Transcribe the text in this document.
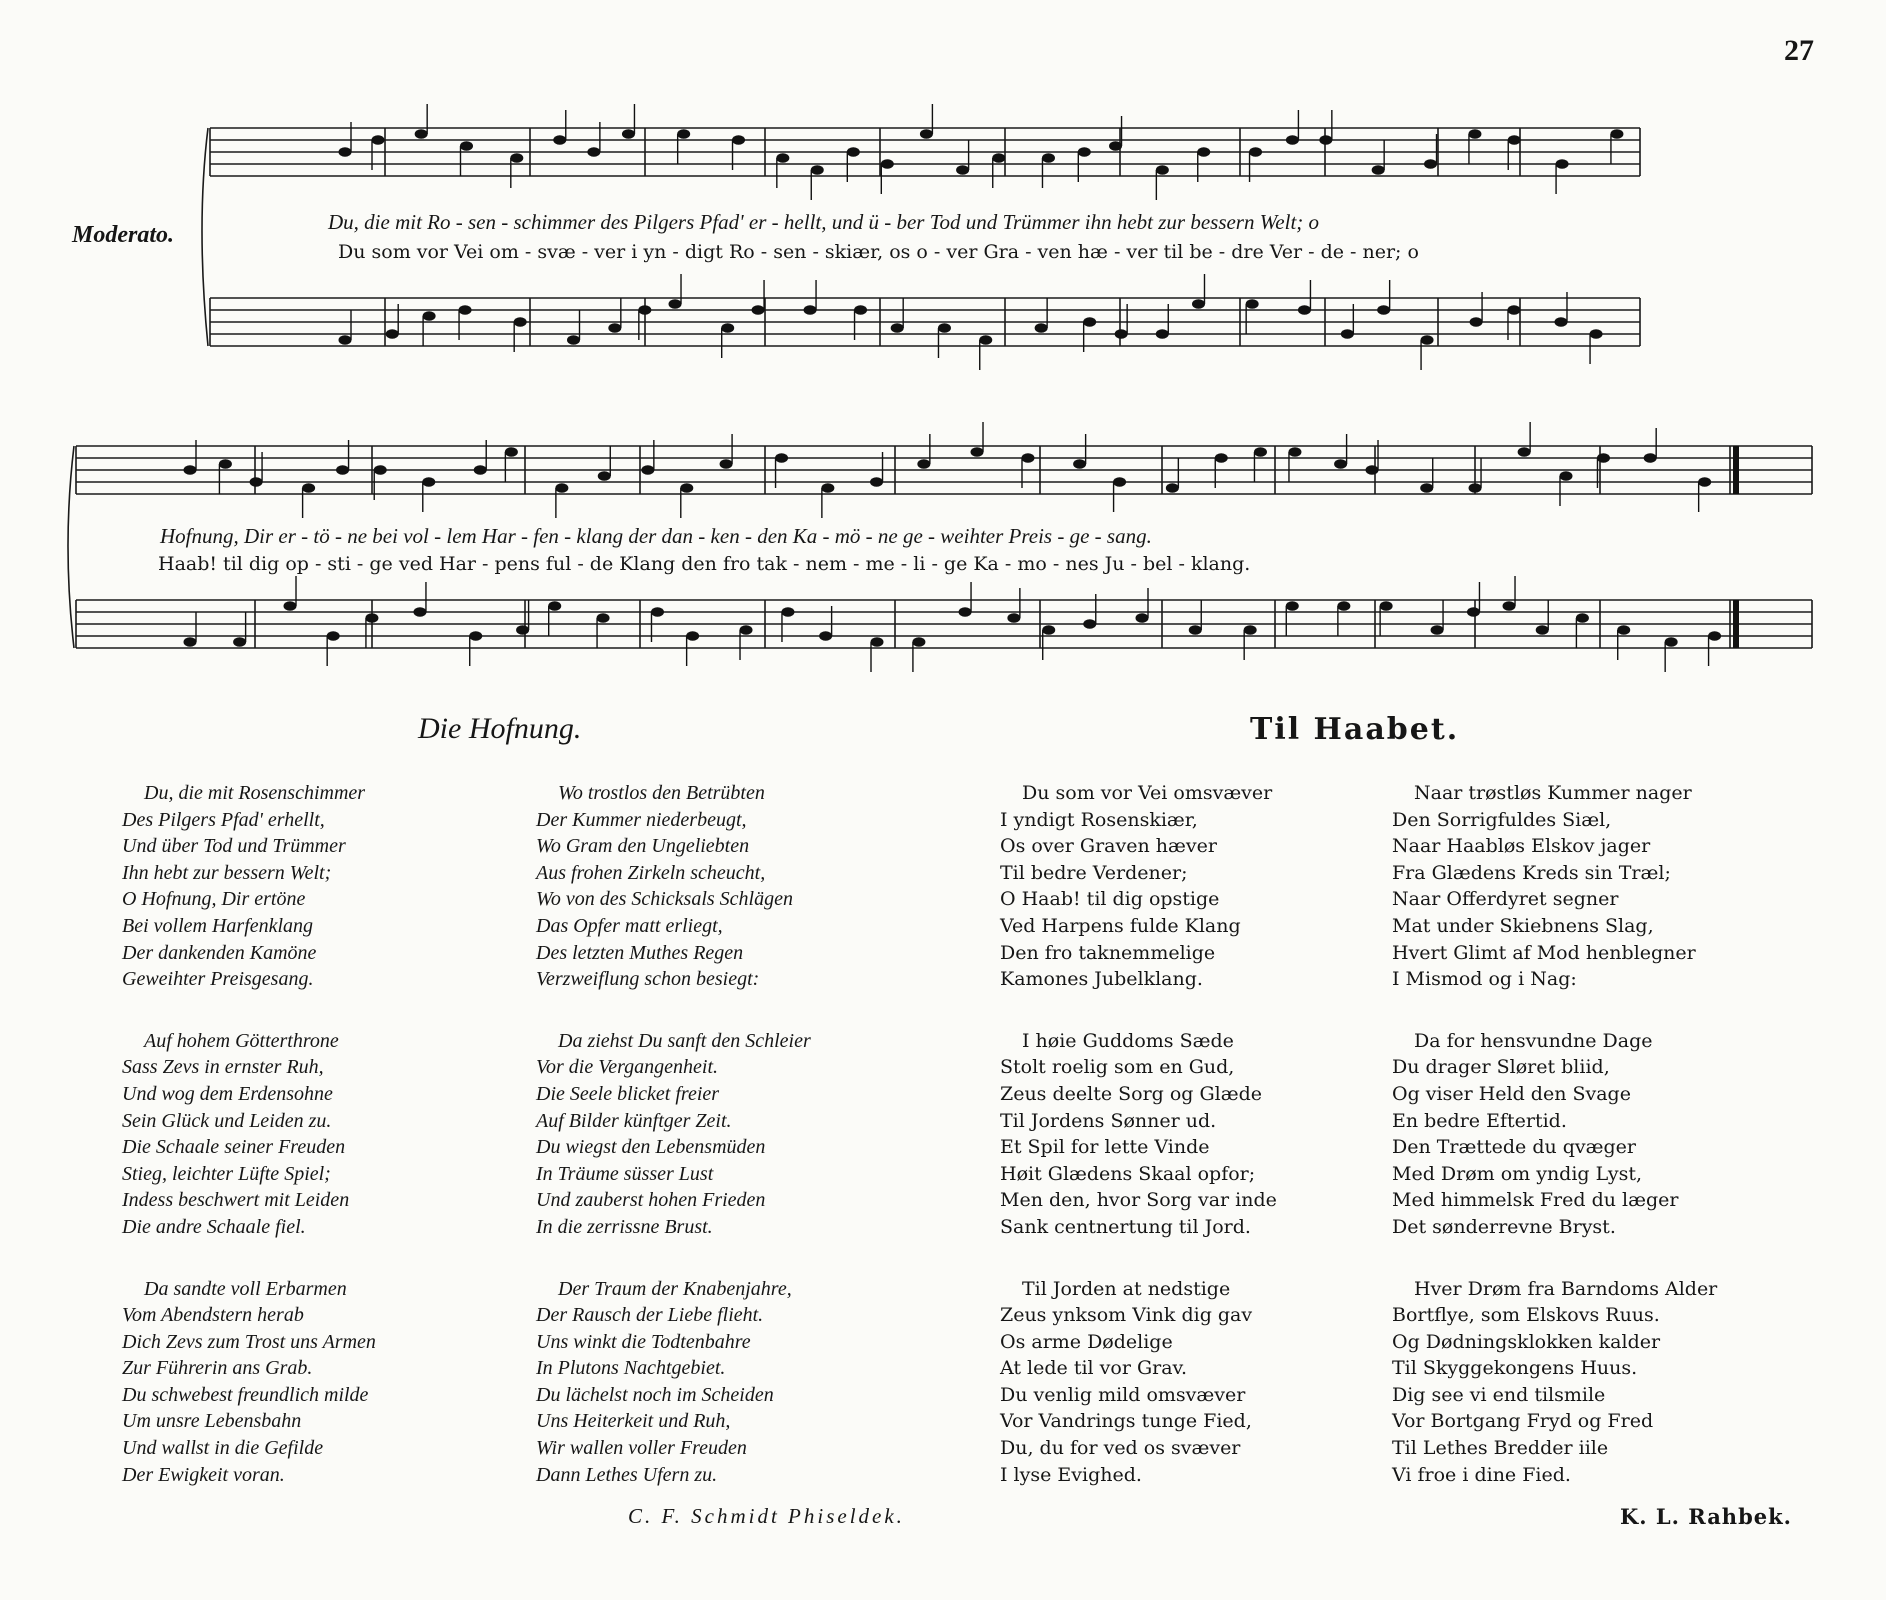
27
Moderato.	Du, die mit Ro - sen - schimmer des Pilgers Pfad' er - hellt, und ü - ber Tod und Trümmer ihn hebt zur bessern Welt; o
Du som vor Vei om - svæ - ver i yn - digt Ro - sen - skiær, os o - ver Gra - ven hæ - ver til be - dre Ver - de - ner; o
Hofnung, Dir er - tö - ne bei vol - lem Har - fen - klang der dan - ken - den Ka - mö - ne ge - weihter Preis - ge - sang.
Haab! til dig op - sti - ge ved Har - pens ful - de Klang den fro tak - nem - me - li - ge Ka - mo - nes Ju - bel - klang.
Die Hofnung.	Til Haabet.
Du, die mit Rosenschimmer
Des Pilgers Pfad' erhellt,
Und über Tod und Trümmer
Ihn hebt zur bessern Welt;
O Hofnung, Dir ertöne
Bei vollem Harfenklang
Der dankenden Kamöne
Geweihter Preisgesang.
Auf hohem Götterthrone
Sass Zevs in ernster Ruh,
Und wog dem Erdensohne
Sein Glück und Leiden zu.
Die Schaale seiner Freuden
Stieg, leichter Lüfte Spiel;
Indess beschwert mit Leiden
Die andre Schaale fiel.
Da sandte voll Erbarmen
Vom Abendstern herab
Dich Zevs zum Trost uns Armen
Zur Führerin ans Grab.
Du schwebest freundlich milde
Um unsre Lebensbahn
Und wallst in die Gefilde
Der Ewigkeit voran.
Wo trostlos den Betrübten
Der Kummer niederbeugt,
Wo Gram den Ungeliebten
Aus frohen Zirkeln scheucht,
Wo von des Schicksals Schlägen
Das Opfer matt erliegt,
Des letzten Muthes Regen
Verzweiflung schon besiegt:
Da ziehst Du sanft den Schleier
Vor die Vergangenheit.
Die Seele blicket freier
Auf Bilder künftger Zeit.
Du wiegst den Lebensmüden
In Träume süsser Lust
Und zauberst hohen Frieden
In die zerrissne Brust.
Der Traum der Knabenjahre,
Der Rausch der Liebe flieht.
Uns winkt die Todtenbahre
In Plutons Nachtgebiet.
Du lächelst noch im Scheiden
Uns Heiterkeit und Ruh,
Wir wallen voller Freuden
Dann Lethes Ufern zu.
Du som vor Vei omsvæver
I yndigt Rosenskiær,
Os over Graven hæver
Til bedre Verdener;
O Haab! til dig opstige
Ved Harpens fulde Klang
Den fro taknemmelige
Kamones Jubelklang.
I høie Guddoms Sæde
Stolt roelig som en Gud,
Zeus deelte Sorg og Glæde
Til Jordens Sønner ud.
Et Spil for lette Vinde
Høit Glædens Skaal opfor;
Men den, hvor Sorg var inde
Sank centnertung til Jord.
Til Jorden at nedstige
Zeus ynksom Vink dig gav
Os arme Dødelige
At lede til vor Grav.
Du venlig mild omsvæver
Vor Vandrings tunge Fied,
Du, du for ved os svæver
I lyse Evighed.
Naar trøstløs Kummer nager
Den Sorrigfuldes Siæl,
Naar Haabløs Elskov jager
Fra Glædens Kreds sin Træl;
Naar Offerdyret segner
Mat under Skiebnens Slag,
Hvert Glimt af Mod henblegner
I Mismod og i Nag:
Da for hensvundne Dage
Du drager Sløret bliid,
Og viser Held den Svage
En bedre Eftertid.
Den Trættede du qvæger
Med Drøm om yndig Lyst,
Med himmelsk Fred du læger
Det sønderrevne Bryst.
Hver Drøm fra Barndoms Alder
Bortflye, som Elskovs Ruus.
Og Dødningsklokken kalder
Til Skyggekongens Huus.
Dig see vi end tilsmile
Vor Bortgang Fryd og Fred
Til Lethes Bredder iile
Vi froe i dine Fied.
C. F. Schmidt Phiseldek.	K. L. Rahbek.
